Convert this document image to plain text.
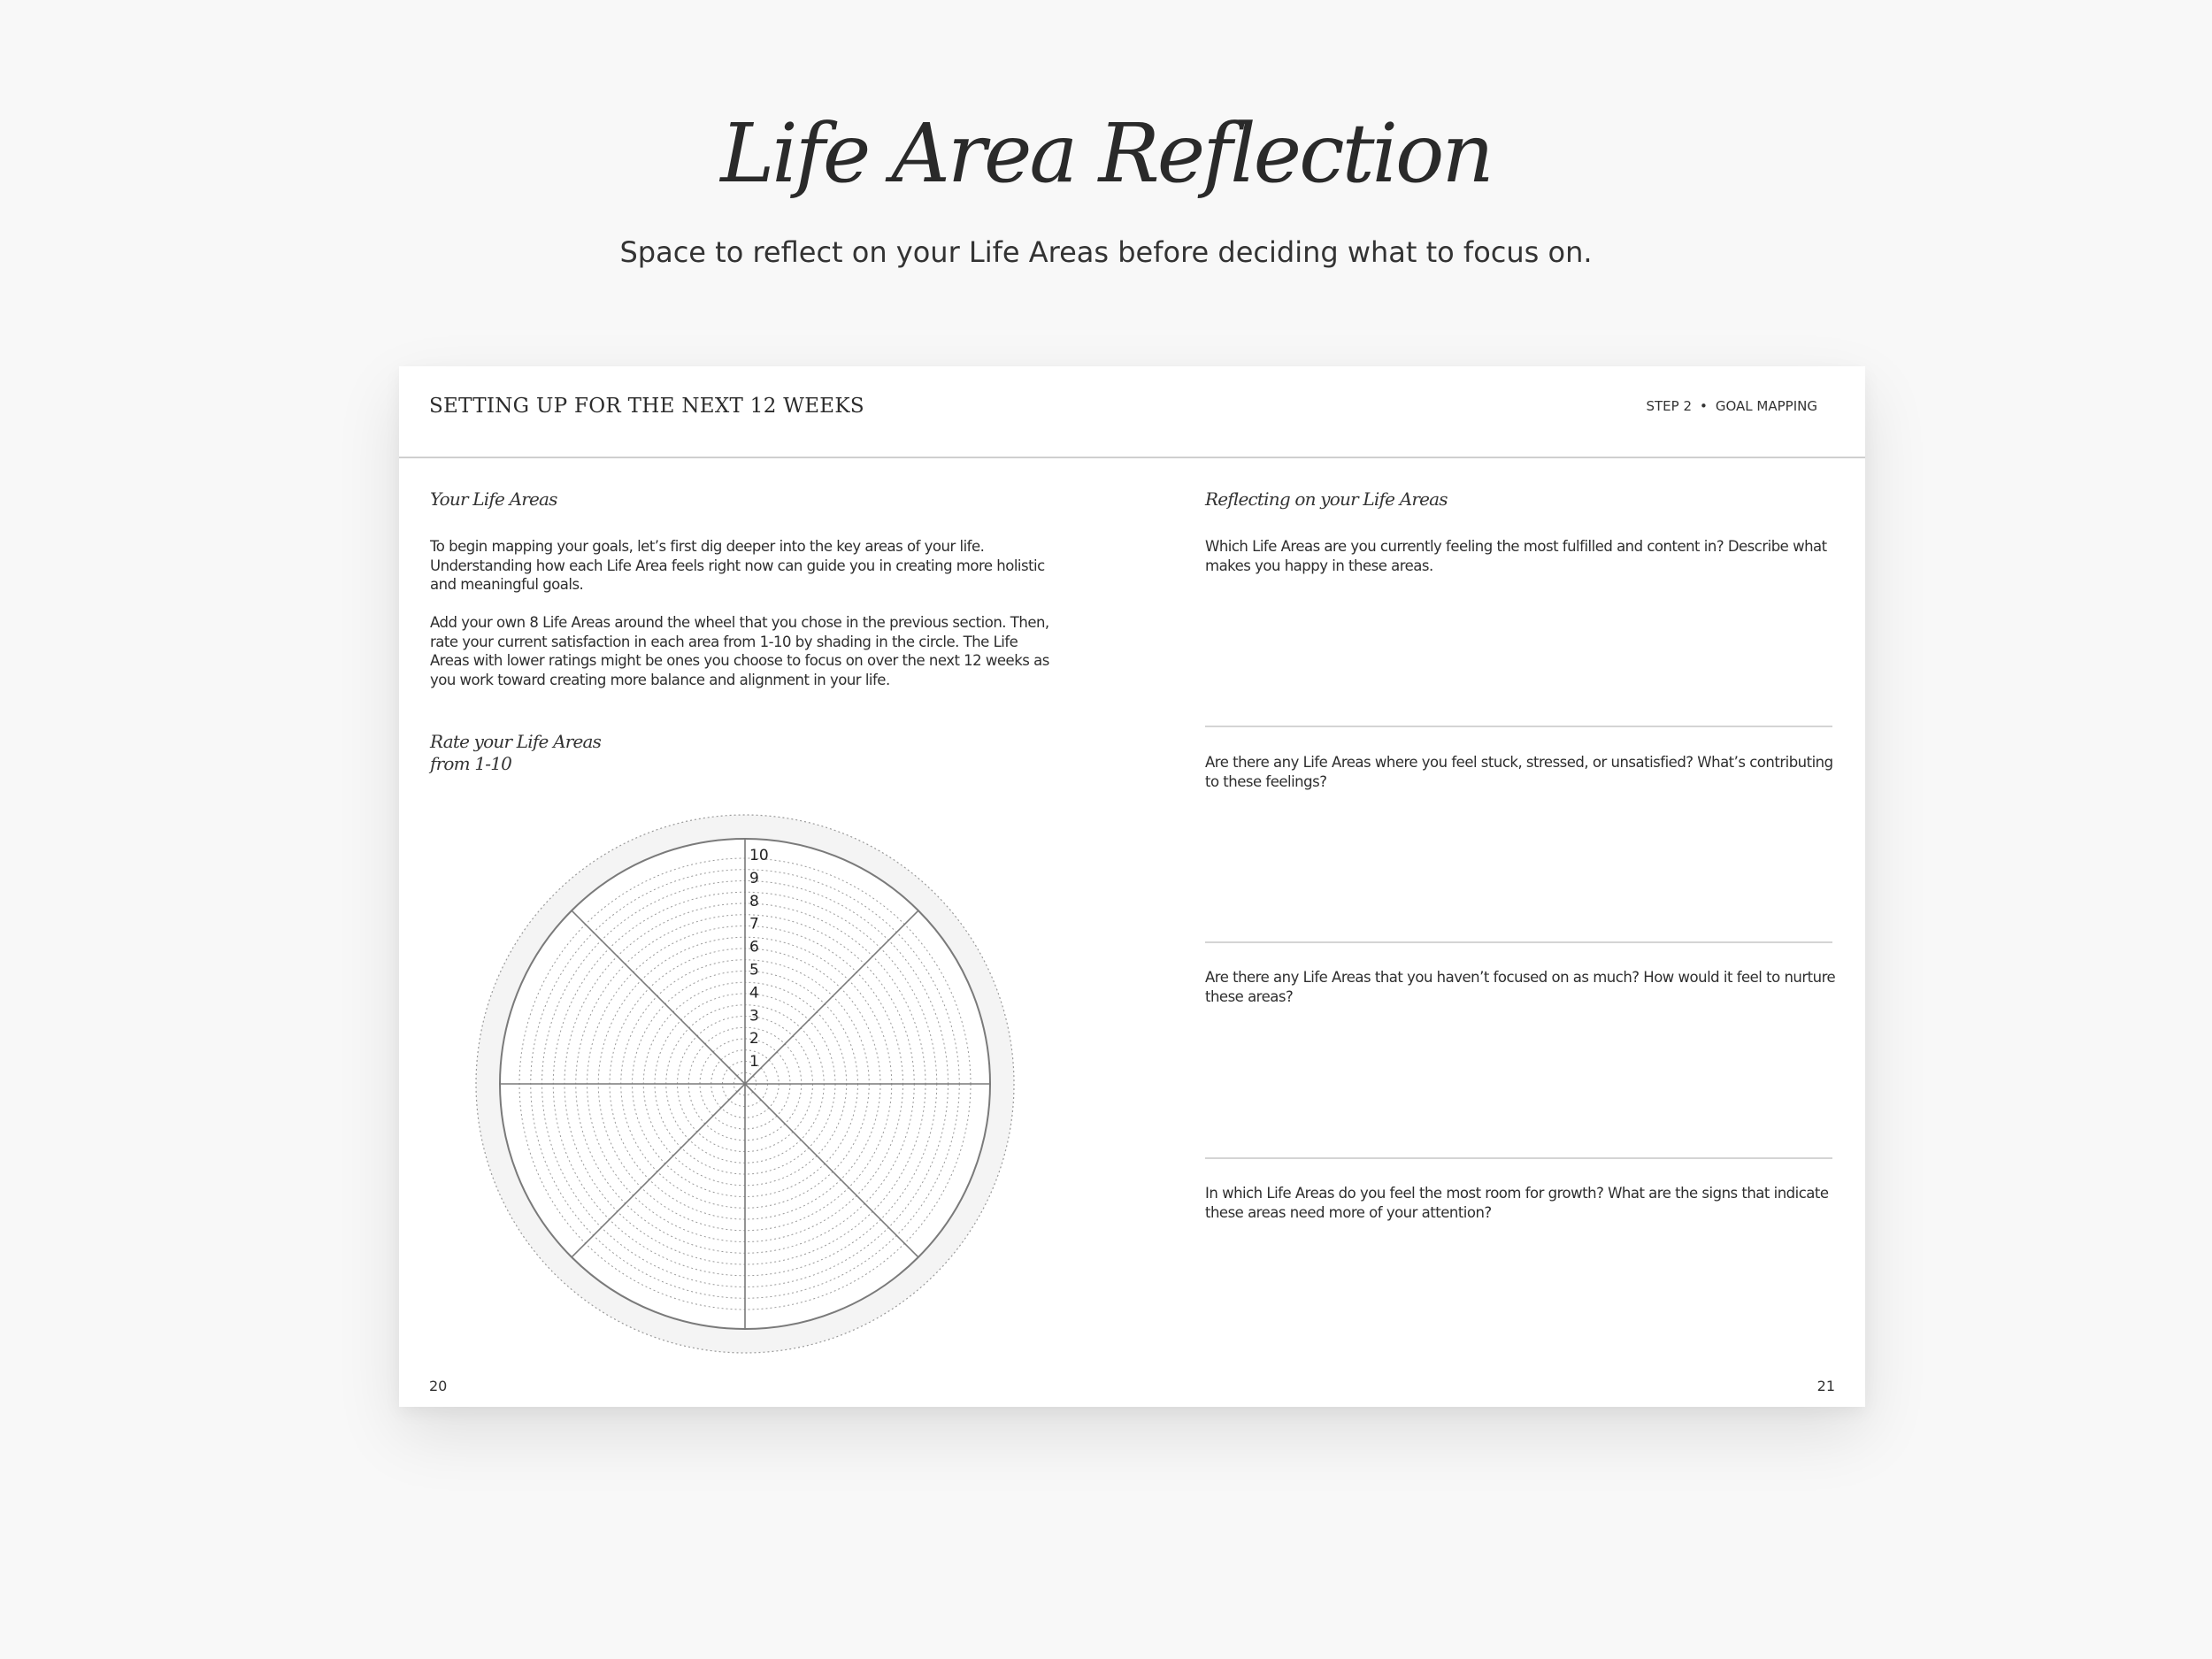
Life Area Reflection
Space to reflect on your Life Areas before deciding what to focus on.
SETTING UP FOR THE NEXT 12 WEEKS	STEP 2 • GOAL MAPPING
Your Life Areas

To begin mapping your goals, let’s first dig deeper into the key areas of your life. Understanding how each Life Area feels right now can guide you in creating more holistic and meaningful goals.

Add your own 8 Life Areas around the wheel that you chose in the previous section. Then, rate your current satisfaction in each area from 1-10 by shading in the circle. The Life Areas with lower ratings might be ones you choose to focus on over the next 12 weeks as you work toward creating more balance and alignment in your life.

Rate your Life Areas
from 1-10
1
2
3
4
5
6
7
8
9
10
20
Reflecting on your Life Areas

Which Life Areas are you currently feeling the most fulfilled and content in? Describe what makes you happy in these areas.

Are there any Life Areas where you feel stuck, stressed, or unsatisfied? What’s contributing to these feelings?

Are there any Life Areas that you haven’t focused on as much? How would it feel to nurture these areas?

In which Life Areas do you feel the most room for growth? What are the signs that indicate these areas need more of your attention?

21
